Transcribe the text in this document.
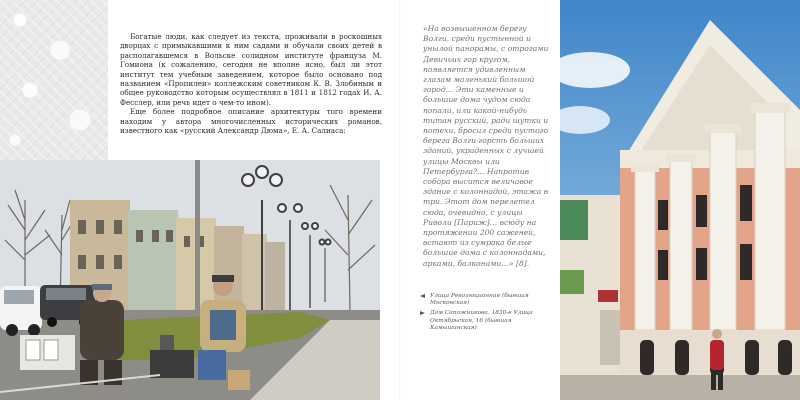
Богатые люди, как следует из текста, проживали в роскошных дворцах с примыкавшими к ним садами и обучали своих детей в располагавшемся в Вольске солидном институте француза М. Гомиона (к сожалению, сегодня не вполне ясно, был ли этот институт тем учебным заведением, которое было основано под названием «Пропилеи» коллежским советником К. В. Злобиным и общее руководство которым осуществлял в 1811 и 1812 годах И. А. Фесслер, или речь идет о чем-то ином).

Еще более подробное описание архитектуры того времени находим у автора многочисленных исторических романов, известного как «русский Александр Дюма», Е. А. Салиаса:

«На возвышенном берегу Волги, среди пустынной и унылой панорамы, с отрогами Девичьих гор кругом, появляется удивленным глазам маленький большой город… Эти каменные и большие дома чудом сюда попали, или какой-нибудь титан русский, ради шутки и потехи, бросил среди пустого берега Волги горсть больших зданий, украденных с лучшей улицы Москвы или Петербурга?… Напротив собора высится величавое здание с колоннадой, этажа в три. Этот дом перелетел сюда, очевидно, с улицы Риволи [Париж]… всюду на протяжении 200 саженей, встают из сумрака белые большие дома с колоннадами, арками, балконами…» [8].

Улица Революционная (бывшая Московская)
Дом Сапожникова. 1830-е Улица Октябрьская, 16 (бывшая Камышинская)
